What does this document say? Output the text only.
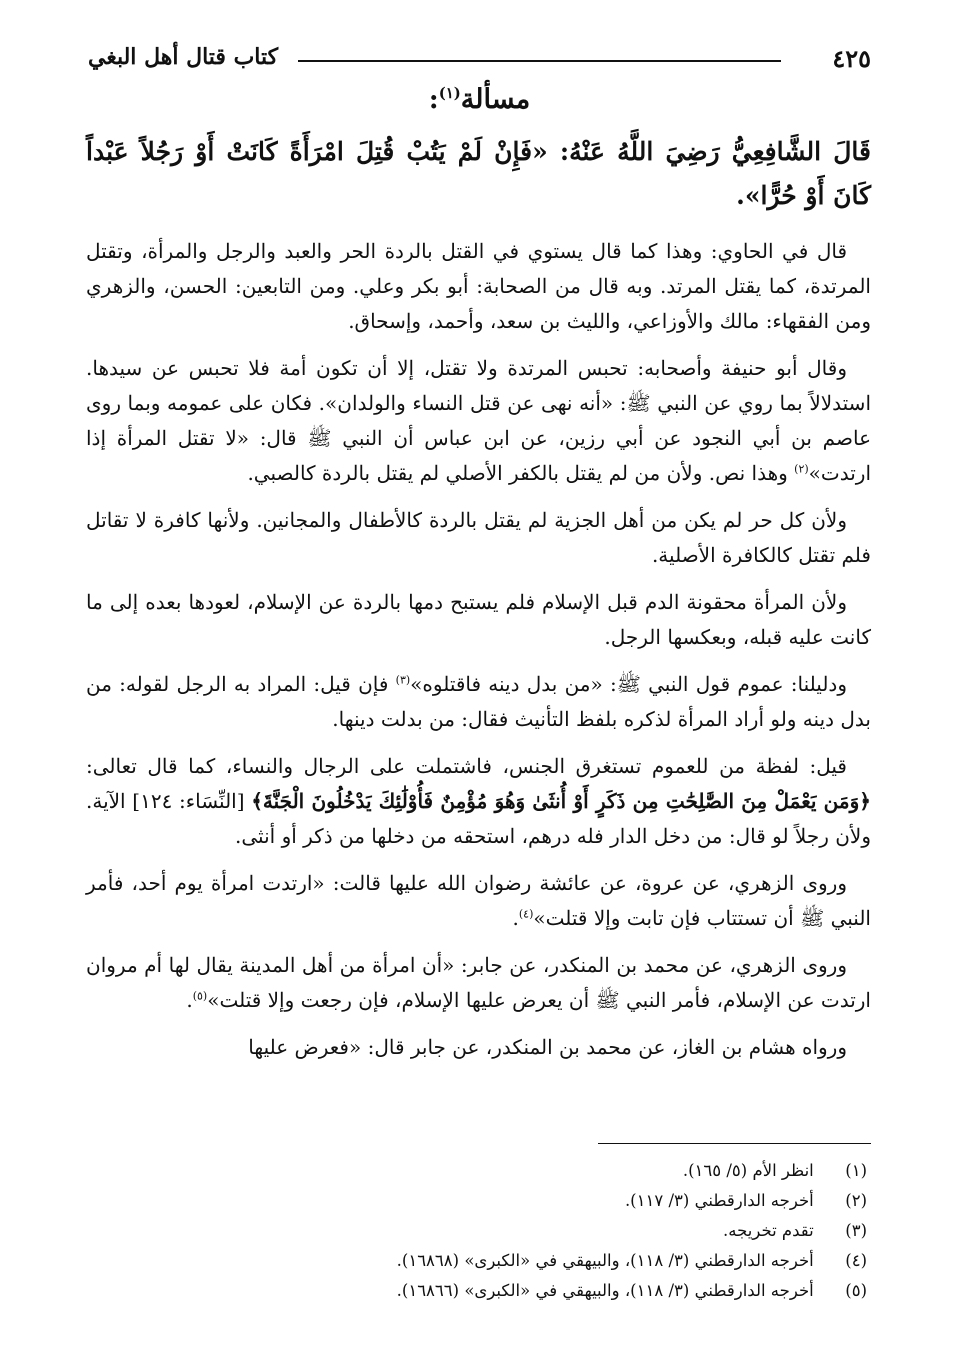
٤٢٥
كتاب قتال أهل البغي
مسألة$^{(١)}$:

قَالَ الشَّافِعِيُّ رَضِيَ اللَّهُ عَنْهُ: «فَإِنْ لَمْ يَتُبْ قُتِلَ امْرَأَةً كَانَتْ أَوْ رَجُلاً عَبْداً كَانَ أَوْ حُرًّا».

قال في الحاوي: وهذا كما قال يستوي في القتل بالردة الحر والعبد والرجل والمرأة، وتقتل المرتدة، كما يقتل المرتد. وبه قال من الصحابة: أبو بكر وعلي. ومن التابعين: الحسن، والزهري ومن الفقهاء: مالك والأوزاعي، والليث بن سعد، وأحمد، وإسحاق.

وقال أبو حنيفة وأصحابه: تحبس المرتدة ولا تقتل، إلا أن تكون أمة فلا تحبس عن سيدها. استدلالاً بما روي عن النبي ﷺ: «أنه نهى عن قتل النساء والولدان». فكان على عمومه وبما روى عاصم بن أبي النجود عن أبي رزين، عن ابن عباس أن النبي ﷺ قال: «لا تقتل المرأة إذا ارتدت»$^{(٢)}$ وهذا نص. ولأن من لم يقتل بالكفر الأصلي لم يقتل بالردة كالصبي.

ولأن كل حر لم يكن من أهل الجزية لم يقتل بالردة كالأطفال والمجانين. ولأنها كافرة لا تقاتل فلم تقتل كالكافرة الأصلية.

ولأن المرأة محقونة الدم قبل الإسلام فلم يستبح دمها بالردة عن الإسلام، لعودها بعده إلى ما كانت عليه قبله، وبعكسها الرجل.

ودليلنا: عموم قول النبي ﷺ: «من بدل دينه فاقتلوه»$^{(٣)}$ فإن قيل: المراد به الرجل لقوله: من بدل دينه ولو أراد المرأة لذكره بلفظ التأنيث فقال: من بدلت دينها.

قيل: لفظة من للعموم تستغرق الجنس، فاشتملت على الرجال والنساء، كما قال تعالى: ﴿وَمَن يَعْمَلْ مِنَ الصَّٰلِحَٰتِ مِن ذَكَرٍ أَوْ أُنثَىٰ وَهُوَ مُؤْمِنٌ فَأُوْلَٰئِكَ يَدْخُلُونَ الْجَنَّةَ﴾ [النِّسَاء: ١٢٤] الآية. ولأن رجلاً لو قال: من دخل الدار فله درهم، استحقه من دخلها من ذكر أو أنثى.

وروى الزهري، عن عروة، عن عائشة رضوان الله عليها قالت: «ارتدت امرأة يوم أحد، فأمر النبي ﷺ أن تستتاب فإن تابت وإلا قتلت»$^{(٤)}$.

وروى الزهري، عن محمد بن المنكدر، عن جابر: «أن امرأة من أهل المدينة يقال لها أم مروان ارتدت عن الإسلام، فأمر النبي ﷺ أن يعرض عليها الإسلام، فإن رجعت وإلا قتلت»$^{(٥)}$.

ورواه هشام بن الغاز، عن محمد بن المنكدر، عن جابر قال: «فعرض عليها

(١) انظر الأم (٥/ ١٦٥).
(٢) أخرجه الدارقطني (٣/ ١١٧).
(٣) تقدم تخريجه.
(٤) أخرجه الدارقطني (٣/ ١١٨)، والبيهقي في «الكبرى» (١٦٨٦٨).
(٥) أخرجه الدارقطني (٣/ ١١٨)، والبيهقي في «الكبرى» (١٦٨٦٦).
